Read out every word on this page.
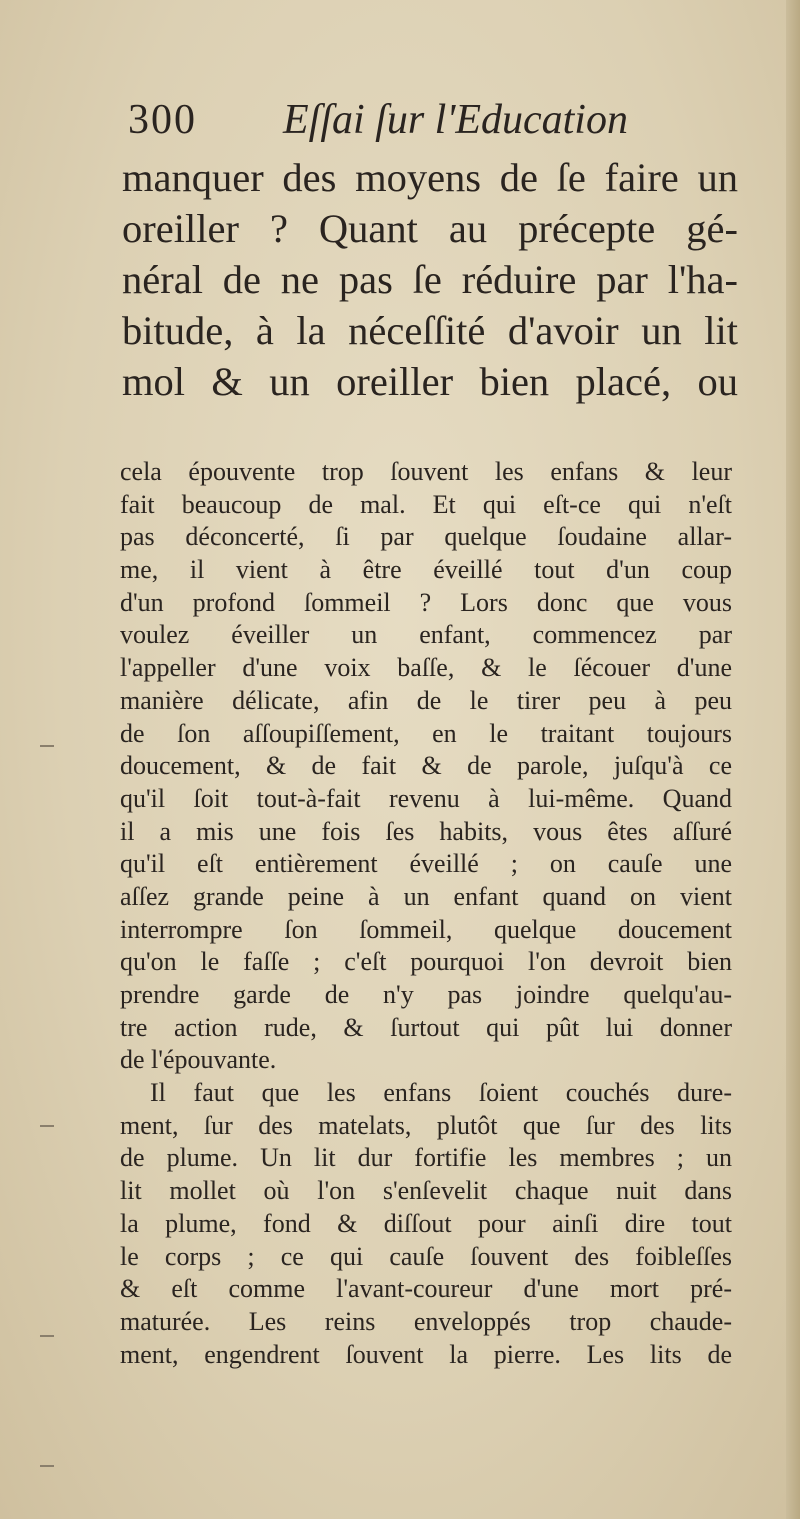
300 Eſſai ſur l'Education
manquer des moyens de ſe faire un
oreiller ? Quant au précepte gé-
néral de ne pas ſe réduire par l'ha-
bitude, à la néceſſité d'avoir un lit
mol & un oreiller bien placé, ou
cela épouvente trop ſouvent les enfans & leur
fait beaucoup de mal. Et qui eſt-ce qui n'eſt
pas déconcerté, ſi par quelque ſoudaine allar-
me, il vient à être éveillé tout d'un coup
d'un profond ſommeil ? Lors donc que vous
voulez éveiller un enfant, commencez par
l'appeller d'une voix baſſe, & le ſécouer d'une
manière délicate, afin de le tirer peu à peu
de ſon aſſoupiſſement, en le traitant toujours
doucement, & de fait & de parole, juſqu'à ce
qu'il ſoit tout-à-fait revenu à lui-même. Quand
il a mis une fois ſes habits, vous êtes aſſuré
qu'il eſt entièrement éveillé ; on cauſe une
aſſez grande peine à un enfant quand on vient
interrompre ſon ſommeil, quelque doucement
qu'on le faſſe ; c'eſt pourquoi l'on devroit bien
prendre garde de n'y pas joindre quelqu'au-
tre action rude, & ſurtout qui pût lui donner
de l'épouvante.
Il faut que les enfans ſoient couchés dure-
ment, ſur des matelats, plutôt que ſur des lits
de plume. Un lit dur fortifie les membres ; un
lit mollet où l'on s'enſevelit chaque nuit dans
la plume, fond & diſſout pour ainſi dire tout
le corps ; ce qui cauſe ſouvent des foibleſſes
& eſt comme l'avant-coureur d'une mort pré-
maturée. Les reins enveloppés trop chaude-
ment, engendrent ſouvent la pierre. Les lits de
